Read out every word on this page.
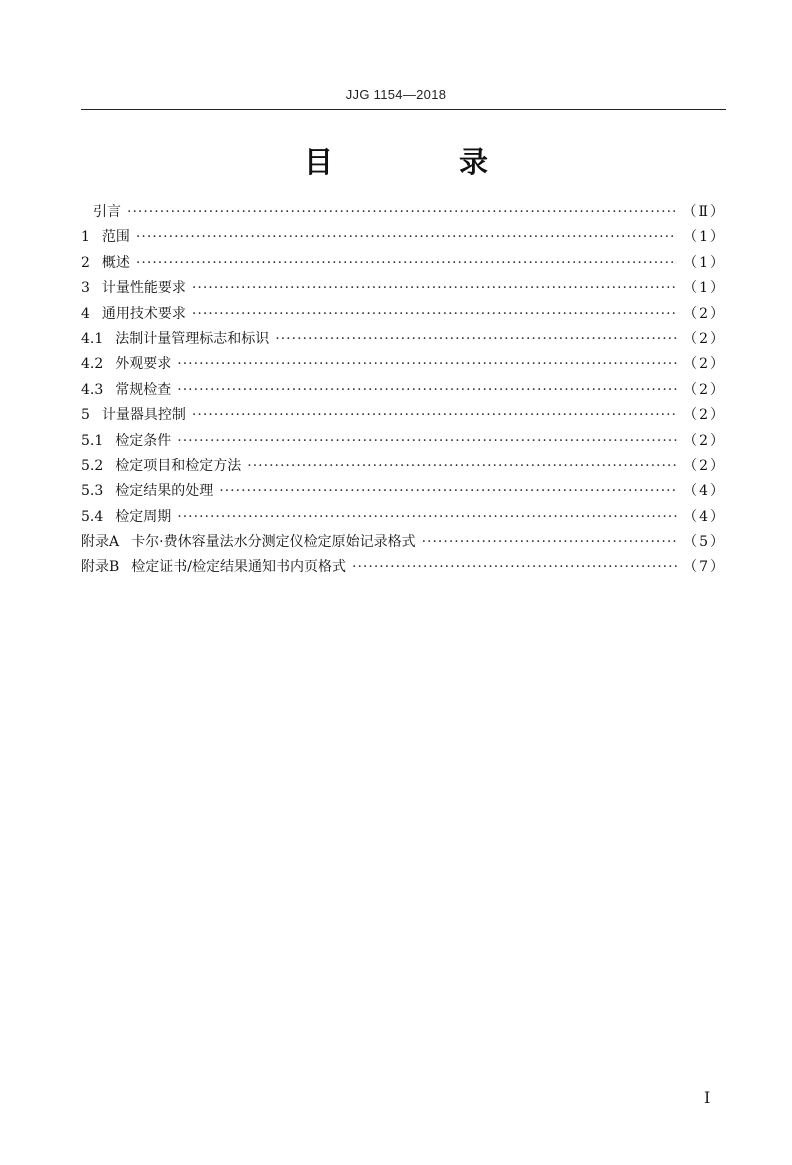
JJG 1154—2018
目 录
引言 ·····	（Ⅱ）
1 范围 ·····	（1）
2 概述 ·····	（1）
3 计量性能要求 ·····	（1）
4 通用技术要求 ·····	（2）
4.1 法制计量管理标志和标识 ·····	（2）
4.2 外观要求 ·····	（2）
4.3 常规检查 ·····	（2）
5 计量器具控制 ·····	（2）
5.1 检定条件 ·····	（2）
5.2 检定项目和检定方法 ·····	（2）
5.3 检定结果的处理 ·····	（4）
5.4 检定周期 ·····	（4）
附录A 卡尔·费休容量法水分测定仪检定原始记录格式 ·····	（5）
附录B 检定证书/检定结果通知书内页格式 ·····	（7）
I
